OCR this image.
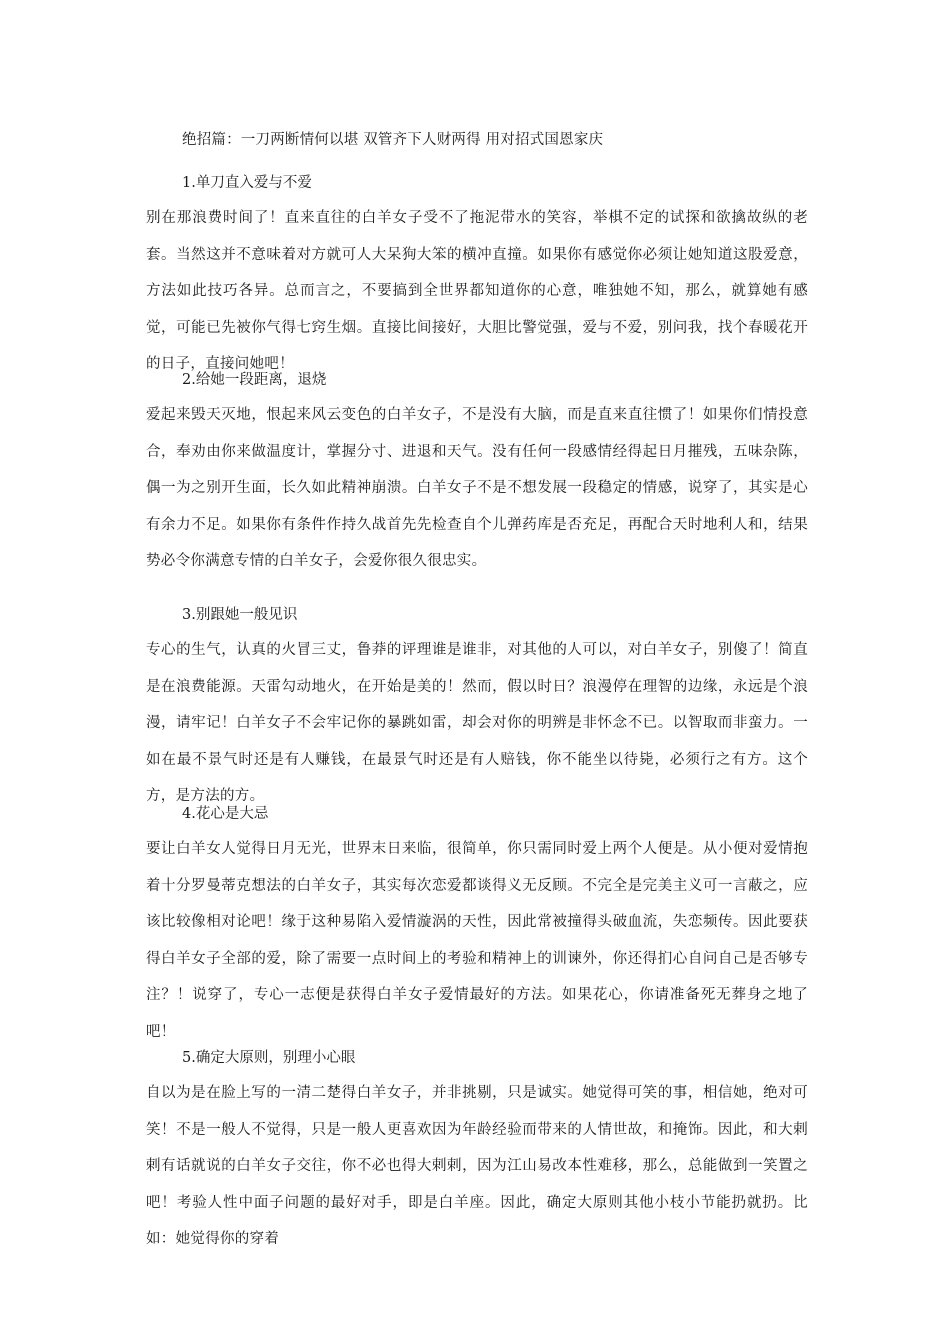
绝招篇：一刀两断情何以堪 双管齐下人财两得 用对招式国恩家庆
1.单刀直入爱与不爱
别在那浪费时间了！直来直往的白羊女子受不了拖泥带水的笑容，举棋不定的试探和欲擒故纵的老套。当然这并不意味着对方就可人大呆狗大笨的横冲直撞。如果你有感觉你必须让她知道这股爱意，方法如此技巧各异。总而言之，不要搞到全世界都知道你的心意，唯独她不知，那么，就算她有感觉，可能已先被你气得七窍生烟。直接比间接好，大胆比警觉强，爱与不爱，别问我，找个春暖花开的日子，直接问她吧！
2.给她一段距离，退烧
爱起来毁天灭地，恨起来风云变色的白羊女子，不是没有大脑，而是直来直往惯了！如果你们情投意合，奉劝由你来做温度计，掌握分寸、进退和天气。没有任何一段感情经得起日月摧残，五味杂陈，偶一为之别开生面，长久如此精神崩溃。白羊女子不是不想发展一段稳定的情感，说穿了，其实是心有余力不足。如果你有条件作持久战首先先检查自个儿弹药库是否充足，再配合天时地利人和，结果势必令你满意专情的白羊女子，会爱你很久很忠实。
3.别跟她一般见识
专心的生气，认真的火冒三丈，鲁莽的评理谁是谁非，对其他的人可以，对白羊女子，别傻了！简直是在浪费能源。天雷勾动地火，在开始是美的！然而，假以时日？浪漫停在理智的边缘，永远是个浪漫，请牢记！白羊女子不会牢记你的暴跳如雷，却会对你的明辨是非怀念不已。以智取而非蛮力。一如在最不景气时还是有人赚钱，在最景气时还是有人赔钱，你不能坐以待毙，必须行之有方。这个方，是方法的方。
4.花心是大忌
要让白羊女人觉得日月无光，世界末日来临，很简单，你只需同时爱上两个人便是。从小便对爱情抱着十分罗曼蒂克想法的白羊女子，其实每次恋爱都谈得义无反顾。不完全是完美主义可一言蔽之，应该比较像相对论吧！缘于这种易陷入爱情漩涡的天性，因此常被撞得头破血流，失恋频传。因此要获得白羊女子全部的爱，除了需要一点时间上的考验和精神上的训谏外，你还得扪心自问自己是否够专注？！说穿了，专心一志便是获得白羊女子爱情最好的方法。如果花心，你请准备死无葬身之地了吧！
5.确定大原则，别理小心眼
自以为是在脸上写的一清二楚得白羊女子，并非挑剔，只是诚实。她觉得可笑的事，相信她，绝对可笑！不是一般人不觉得，只是一般人更喜欢因为年龄经验而带来的人情世故，和掩饰。因此，和大剌剌有话就说的白羊女子交往，你不必也得大剌剌，因为江山易改本性难移，那么，总能做到一笑置之吧！考验人性中面子问题的最好对手，即是白羊座。因此，确定大原则其他小枝小节能扔就扔。比如：她觉得你的穿着
